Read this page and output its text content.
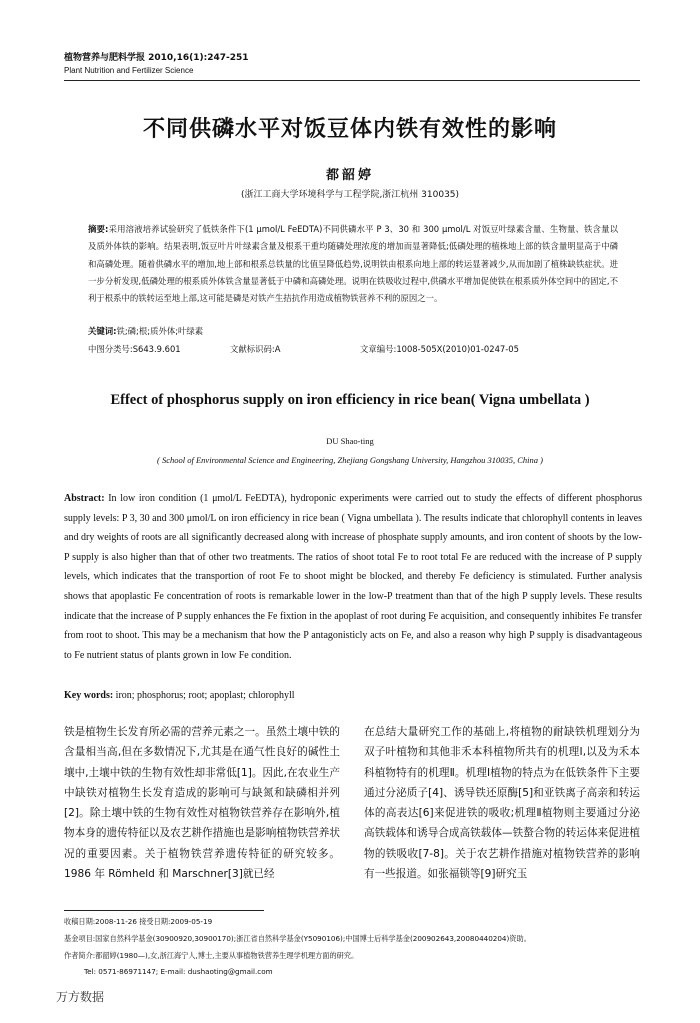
植物营养与肥料学报 2010,16(1):247-251
Plant Nutrition and Fertilizer Science
不同供磷水平对饭豆体内铁有效性的影响
都韶婷
(浙江工商大学环境科学与工程学院,浙江杭州 310035)
摘要:采用溶液培养试验研究了低铁条件下(1 μmol/L FeEDTA)不同供磷水平 P 3、30 和 300 μmol/L 对饭豆叶绿素含量、生物量、铁含量以及质外体铁的影响。结果表明,饭豆叶片叶绿素含量及根系干重均随磷处理浓度的增加而显著降低;低磷处理的植株地上部的铁含量明显高于中磷和高磷处理。随着供磷水平的增加,地上部和根系总铁量的比值呈降低趋势,说明铁由根系向地上部的转运显著减少,从而加剧了植株缺铁症状。进一步分析发现,低磷处理的根系质外体铁含量显著低于中磷和高磷处理。说明在铁吸收过程中,供磷水平增加促使铁在根系质外体空间中的固定,不利于根系中的铁转运至地上部,这可能是磷是对铁产生拮抗作用造成植物铁营养不利的原因之一。
关键词:铁;磷;根;质外体;叶绿素
中图分类号:S643.9.601	文献标识码:A	文章编号:1008-505X(2010)01-0247-05
Effect of phosphorus supply on iron efficiency in rice bean( Vigna umbellata )
DU Shao-ting
( School of Environmental Science and Engineering, Zhejiang Gongshang University, Hangzhou 310035, China )
Abstract: In low iron condition (1 μmol/L FeEDTA), hydroponic experiments were carried out to study the effects of different phosphorus supply levels: P 3, 30 and 300 μmol/L on iron efficiency in rice bean ( Vigna umbellata ). The results indicate that chlorophyll contents in leaves and dry weights of roots are all significantly decreased along with increase of phosphate supply amounts, and iron content of shoots by the low-P supply is also higher than that of other two treatments. The ratios of shoot total Fe to root total Fe are reduced with the increase of P supply levels, which indicates that the transportion of root Fe to shoot might be blocked, and thereby Fe deficiency is stimulated. Further analysis shows that apoplastic Fe concentration of roots is remarkable lower in the low-P treatment than that of the high P supply levels. These results indicate that the increase of P supply enhances the Fe fixtion in the apoplast of root during Fe acquisition, and consequently inhibites Fe transfer from root to shoot. This may be a mechanism that how the P antagonisticly acts on Fe, and also a reason why high P supply is disadvantageous to Fe nutrient status of plants grown in low Fe condition.
Key words: iron; phosphorus; root; apoplast; chlorophyll
铁是植物生长发育所必需的营养元素之一。虽然土壤中铁的含量相当高,但在多数情况下,尤其是在通气性良好的碱性土壤中,土壤中铁的生物有效性却非常低[1]。因此,在农业生产中缺铁对植物生长发育造成的影响可与缺氮和缺磷相并列[2]。除土壤中铁的生物有效性对植物铁营养存在影响外,植物本身的遗传特征以及农艺耕作措施也是影响植物铁营养状况的重要因素。关于植物铁营养遗传特征的研究较多。1986 年 Römheld 和 Marschner[3]就已经
在总结大量研究工作的基础上,将植物的耐缺铁机理划分为双子叶植物和其他非禾本科植物所共有的机理Ⅰ,以及为禾本科植物特有的机理Ⅱ。机理Ⅰ植物的特点为在低铁条件下主要通过分泌质子[4]、诱导铁还原酶[5]和亚铁离子高亲和转运体的高表达[6]来促进铁的吸收;机理Ⅱ植物则主要通过分泌高铁载体和诱导合成高铁载体—铁螯合物的转运体来促进植物的铁吸收[7-8]。关于农艺耕作措施对植物铁营养的影响有一些报道。如张福锁等[9]研究玉
收稿日期:2008-11-26 接受日期:2009-05-19
基金项目:国家自然科学基金(30900920,30900170);浙江省自然科学基金(Y5090106);中国博士后科学基金(200902643,20080440204)资助。
作者简介:都韶婷(1980—),女,浙江海宁人,博士,主要从事植物铁营养生理学机理方面的研究。
Tel: 0571-86971147; E-mail: dushaoting@gmail.com
万方数据
